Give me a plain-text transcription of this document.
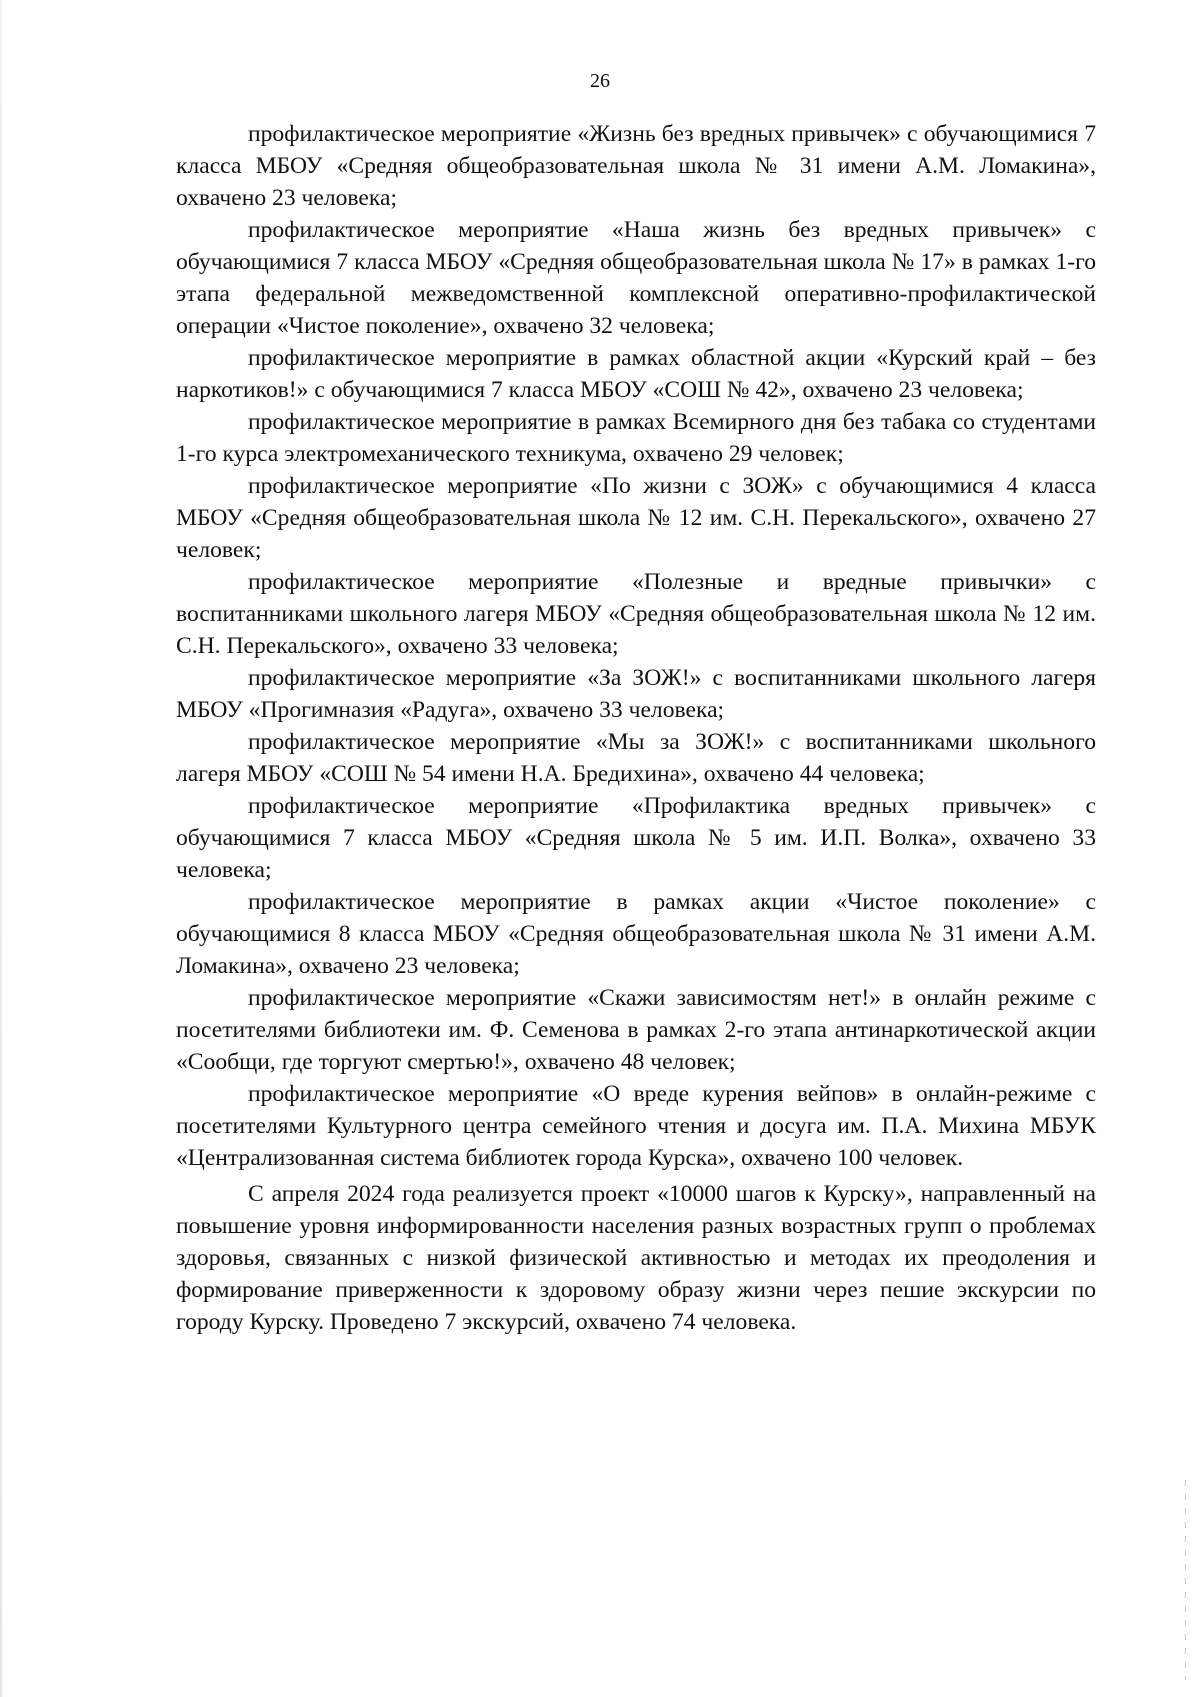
26

профилактическое мероприятие «Жизнь без вредных привычек» с обучающимися 7 класса МБОУ «Средняя общеобразовательная школа № 31 имени А.М. Ломакина», охвачено 23 человека;

профилактическое мероприятие «Наша жизнь без вредных привычек» с обучающимися 7 класса МБОУ «Средняя общеобразовательная школа № 17» в рамках 1-го этапа федеральной межведомственной комплексной оперативно-профилактической операции «Чистое поколение», охвачено 32 человека;

профилактическое мероприятие в рамках областной акции «Курский край – без наркотиков!» с обучающимися 7 класса МБОУ «СОШ № 42», охвачено 23 человека;

профилактическое мероприятие в рамках Всемирного дня без табака со студентами 1-го курса электромеханического техникума, охвачено 29 человек;

профилактическое мероприятие «По жизни с ЗОЖ» с обучающимися 4 класса МБОУ «Средняя общеобразовательная школа № 12 им. С.Н. Перекальского», охвачено 27 человек;

профилактическое мероприятие «Полезные и вредные привычки» с воспитанниками школьного лагеря МБОУ «Средняя общеобразовательная школа № 12 им. С.Н. Перекальского», охвачено 33 человека;

профилактическое мероприятие «За ЗОЖ!» с воспитанниками школьного лагеря МБОУ «Прогимназия «Радуга», охвачено 33 человека;

профилактическое мероприятие «Мы за ЗОЖ!» с воспитанниками школьного лагеря МБОУ «СОШ № 54 имени Н.А. Бредихина», охвачено 44 человека;

профилактическое мероприятие «Профилактика вредных привычек» с обучающимися 7 класса МБОУ «Средняя школа № 5 им. И.П. Волка», охвачено 33 человека;

профилактическое мероприятие в рамках акции «Чистое поколение» с обучающимися 8 класса МБОУ «Средняя общеобразовательная школа № 31 имени А.М. Ломакина», охвачено 23 человека;

профилактическое мероприятие «Скажи зависимостям нет!» в онлайн режиме с посетителями библиотеки им. Ф. Семенова в рамках 2-го этапа антинаркотической акции «Сообщи, где торгуют смертью!», охвачено 48 человек;

профилактическое мероприятие «О вреде курения вейпов» в онлайн-режиме с посетителями Культурного центра семейного чтения и досуга им. П.А. Михина МБУК «Централизованная система библиотек города Курска», охвачено 100 человек.

С апреля 2024 года реализуется проект «10000 шагов к Курску», направленный на повышение уровня информированности населения разных возрастных групп о проблемах здоровья, связанных с низкой физической активностью и методах их преодоления и формирование приверженности к здоровому образу жизни через пешие экскурсии по городу Курску. Проведено 7 экскурсий, охвачено 74 человека.
